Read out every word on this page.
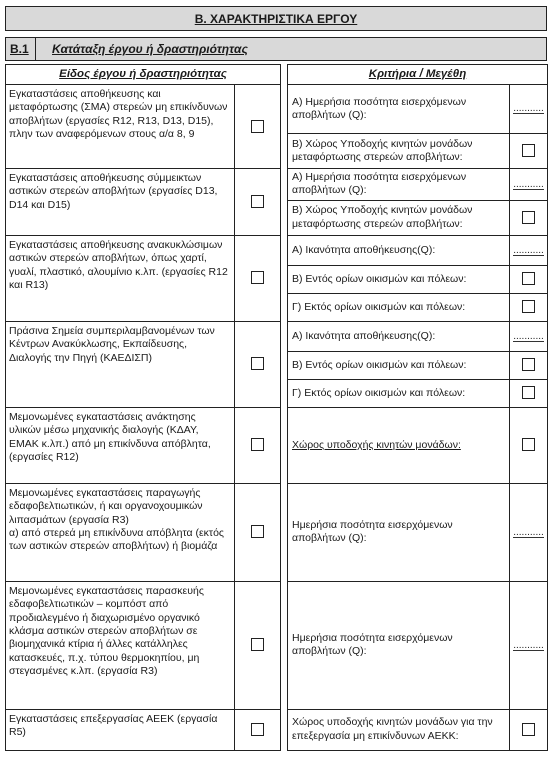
Β. ΧΑΡΑΚΤΗΡΙΣΤΙΚΑ ΕΡΓΟΥ
Β.1	Κατάταξη έργου ή δραστηριότητας
Είδος έργου ή δραστηριότητας			Κριτήρια / Μεγέθη	
Εγκαταστάσεις αποθήκευσης και μεταφόρτωσης (ΣΜΑ) στερεών μη επικίνδυνων αποβλήτων (εργασίες R12, R13, D13, D15), πλην των αναφερόμενων στους α/α 8, 9			Α) Ημερήσια ποσότητα εισερχόμενων αποβλήτων (Q):	...........
			Β) Χώρος Υποδοχής κινητών μονάδων μεταφόρτωσης στερεών αποβλήτων:	
Εγκαταστάσεις αποθήκευσης σύμμεικτων αστικών στερεών αποβλήτων (εργασίες D13, D14 και D15)			Α) Ημερήσια ποσότητα εισερχόμενων αποβλήτων (Q):	...........
			Β) Χώρος Υποδοχής κινητών μονάδων μεταφόρτωσης στερεών αποβλήτων:	
Εγκαταστάσεις αποθήκευσης ανακυκλώσιμων αστικών στερεών αποβλήτων, όπως χαρτί, γυαλί, πλαστικό, αλουμίνιο κ.λπ. (εργασίες R12 και R13)			Α) Ικανότητα αποθήκευσης(Q):	...........
			Β) Εντός ορίων οικισμών και πόλεων:	
			Γ) Εκτός ορίων οικισμών και πόλεων:	
Πράσινα Σημεία συμπεριλαμβανομένων των Κέντρων Ανακύκλωσης, Εκπαίδευσης, Διαλογής την Πηγή (ΚΑΕΔΙΣΠ)			Α) Ικανότητα αποθήκευσης(Q):	...........
			Β) Εντός ορίων οικισμών και πόλεων:	
			Γ) Εκτός ορίων οικισμών και πόλεων:	
Μεμονωμένες εγκαταστάσεις ανάκτησης υλικών μέσω μηχανικής διαλογής (ΚΔΑΥ, ΕΜΑΚ κ.λπ.) από μη επικίνδυνα απόβλητα, (εργασίες R12)			Χώρος υποδοχής κινητών μονάδων:	
Μεμονωμένες εγκαταστάσεις παραγωγής εδαφοβελτιωτικών, ή και οργανοχουμικών λιπασμάτων (εργασία R3)
α) από στερεά μη επικίνδυνα απόβλητα (εκτός των αστικών στερεών αποβλήτων) ή βιομάζα			Ημερήσια ποσότητα εισερχόμενων αποβλήτων (Q):	...........
Μεμονωμένες εγκαταστάσεις παρασκευής εδαφοβελτιωτικών – κομπόστ από προδιαλεγμένο ή διαχωρισμένο οργανικό κλάσμα αστικών στερεών αποβλήτων σε βιομηχανικά κτίρια ή άλλες κατάλληλες κατασκευές, π.χ. τύπου θερμοκηπίου, μη στεγασμένες κ.λπ. (εργασία R3)			Ημερήσια ποσότητα εισερχόμενων αποβλήτων (Q):	...........
Εγκαταστάσεις επεξεργασίας ΑΕΕΚ (εργασία R5)			Χώρος υποδοχής κινητών μονάδων για την επεξεργασία μη επικίνδυνων ΑΕΚΚ:	
